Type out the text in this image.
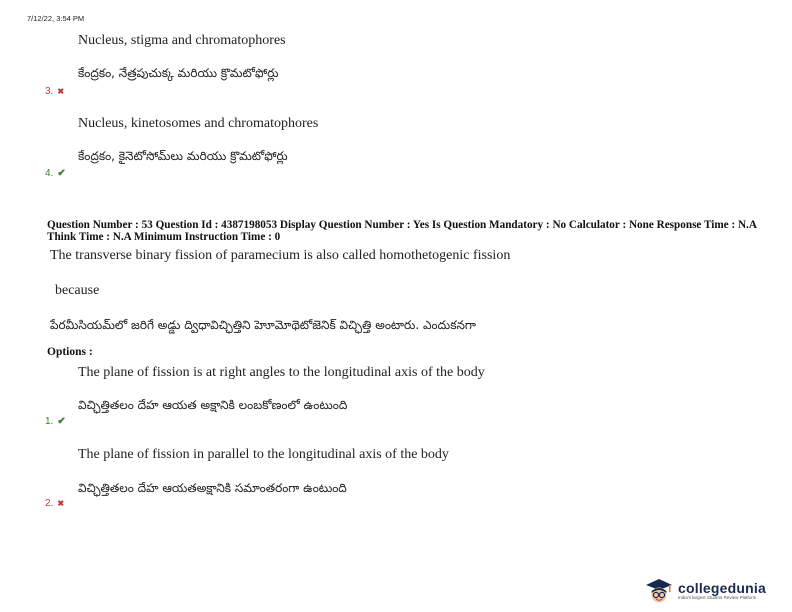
7/12/22, 3:54 PM
Nucleus, stigma and chromatophores
కేంద్రకం, నేత్రపుచుక్క మరియు క్రొమటోఫోర్లు
3. ✖
Nucleus, kinetosomes and chromatophores
కేంద్రకం, కైనెటోసోమ్‌లు మరియు క్రొమటోఫోర్లు
4. ✔
Question Number : 53 Question Id : 4387198053 Display Question Number : Yes Is Question Mandatory : No Calculator : None Response Time : N.A Think Time : N.A Minimum Instruction Time : 0
The transverse binary fission of paramecium is also called homothetogenic fission
because
పేరమీసియమ్‌లో జరిగే అడ్డు ద్విధావిచ్ఛిత్తిని హెూమోథెటోజెనిక్ విచ్ఛిత్తి అంటారు. ఎందుకనగా
Options :
The plane of fission is at right angles to the longitudinal axis of the body
విచ్ఛిత్తితలం దేహ ఆయత అక్షానికి లంబకోణంలో ఉంటుంది
1. ✔
The plane of fission in parallel to the longitudinal axis of the body
విచ్ఛిత్తితలం దేహ ఆయతఅక్షానికి సమాంతరంగా ఉంటుంది
2. ✖
collegedunia
India's largest Student Review Platform
